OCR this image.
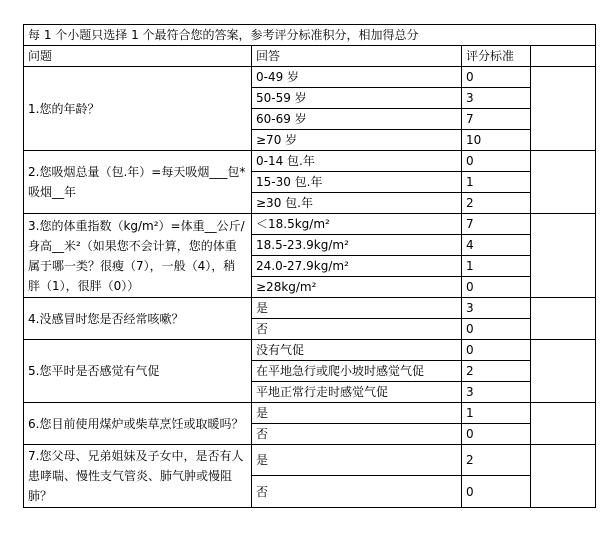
每 1 个小题只选择 1 个最符合您的答案，参考评分标准积分，相加得总分			
问题	回答	评分标准	
1.您的年龄？	0-49 岁	0	
	50-59 岁	3	
	60-69 岁	7	
	≥70 岁	10	
2.您吸烟总量（包.年）=每天吸烟___包*吸烟__年	0-14 包.年	0	
	15-30 包.年	1	
	≥30 包.年	2	
3.您的体重指数（kg/m²）=体重__公斤/身高__米²（如果您不会计算，您的体重属于哪一类？很瘦（7），一般（4），稍胖（1），很胖（0））	＜18.5kg/m²	7	
	18.5-23.9kg/m²	4	
	24.0-27.9kg/m²	1	
	≥28kg/m²	0	
4.没感冒时您是否经常咳嗽？	是	3	
	否	0	
5.您平时是否感觉有气促	没有气促	0	
	在平地急行或爬小坡时感觉气促	2	
	平地正常行走时感觉气促	3	
6.您目前使用煤炉或柴草烹饪或取暖吗？	是	1	
	否	0	
7.您父母、兄弟姐妹及子女中，是否有人患哮喘、慢性支气管炎、肺气肿或慢阻肺？	是	2	
	否	0	
